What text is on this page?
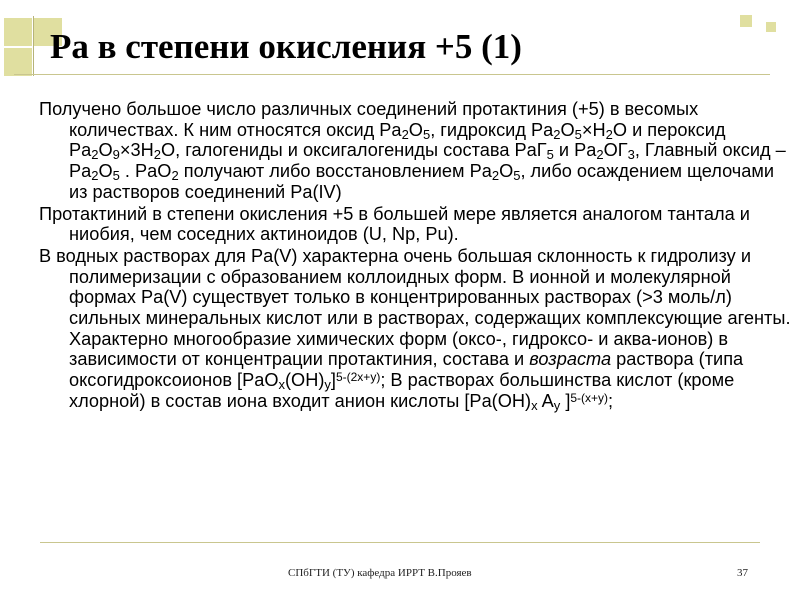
Pa в степени окисления +5 (1)

Получено большое число различных соединений протактиния (+5) в весомых количествах. К ним относятся оксид $Pa_2O_5$, гидроксид $Pa_2O_5\times H_2O$ и пероксид $Pa_2O_9\times 3H_2O$, галогениды и оксигалогениды состава PaГ$_5$ и $Pa_2OГ_3$, Главный оксид – $Pa_2O_5$ . PaO$_2$ получают либо восстановлением $Pa_2O_5$, либо осаждением щелочами из растворов соединений Pa(IV)

Протактиний в степени окисления +5 в большей мере является аналогом тантала и ниобия, чем соседних актиноидов (U, Np, Pu).

В водных растворах для Pa(V) характерна очень большая склонность к гидролизу и полимеризации с образованием коллоидных форм. В ионной и молекулярной формах Pa(V) существует только в концентрированных растворах (>3 моль/л) сильных минеральных кислот или в растворах, содержащих комплексующие агенты. Характерно многообразие химических форм (оксо-, гидроксо- и аква-ионов) в зависимости от концентрации протактиния, состава и возраста раствора (типа оксогидроксоионов $[PaO_x(OH)_y]^{5-(2x+y)}$; В растворах большинства кислот (кроме хлорной) в состав иона входит анион кислоты [$Pa(OH)_x$ $A_y$ ]$^{5-(x+y)}$;

СПбГТИ (ТУ) кафедра ИРРТ В.Прояев	37
